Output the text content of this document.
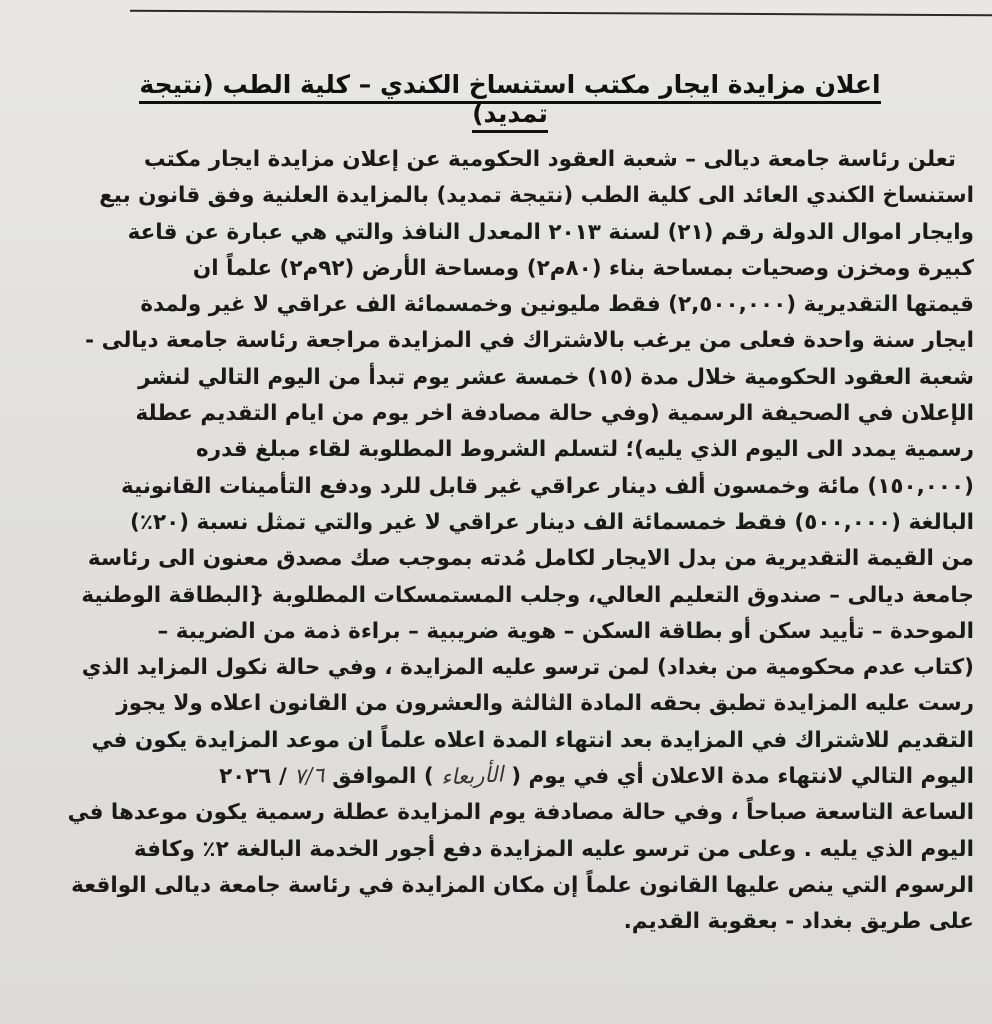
اعلان مزايدة ايجار مكتب استنساخ الكندي – كلية الطب (نتيجة تمديد)
تعلن رئاسة جامعة ديالى – شعبة العقود الحكومية عن إعلان مزايدة ايجار مكتب
استنساخ الكندي العائد الى كلية الطب (نتيجة تمديد) بالمزايدة العلنية وفق قانون بيع
وايجار اموال الدولة رقم (٢١) لسنة ٢٠١٣ المعدل النافذ والتي هي عبارة عن قاعة
كبيرة ومخزن وصحيات بمساحة بناء (٨٠م٢) ومساحة الأرض (٩٢م٢) علماً ان
قيمتها التقديرية (٢,٥٠٠,٠٠٠) فقط مليونين وخمسمائة الف عراقي لا غير ولمدة
ايجار سنة واحدة فعلى من يرغب بالاشتراك في المزايدة مراجعة رئاسة جامعة ديالى -
شعبة العقود الحكومية خلال مدة (١٥) خمسة عشر يوم تبدأ من اليوم التالي لنشر
الإعلان في الصحيفة الرسمية (وفي حالة مصادفة اخر يوم من ايام التقديم عطلة
رسمية يمدد الى اليوم الذي يليه)؛ لتسلم الشروط المطلوبة لقاء مبلغ قدره
(١٥٠,٠٠٠) مائة وخمسون ألف دينار عراقي غير قابل للرد ودفع التأمينات القانونية
البالغة (٥٠٠,٠٠٠) فقط خمسمائة الف دينار عراقي لا غير والتي تمثل نسبة (٢٠٪)
من القيمة التقديرية من بدل الايجار لكامل مُدته بموجب صك مصدق معنون الى رئاسة
جامعة ديالى – صندوق التعليم العالي، وجلب المستمسكات المطلوبة {البطاقة الوطنية
الموحدة – تأييد سكن أو بطاقة السكن – هوية ضريبية – براءة ذمة من الضريبة –
(كتاب عدم محكومية من بغداد) لمن ترسو عليه المزايدة ، وفي حالة نكول المزايد الذي
رست عليه المزايدة تطبق بحقه المادة الثالثة والعشرون من القانون اعلاه ولا يجوز
التقديم للاشتراك في المزايدة بعد انتهاء المدة اعلاه علماً ان موعد المزايدة يكون في
اليوم التالي لانتهاء مدة الاعلان أي في يوم ( الأربعاء ) الموافق ٧/٦ / ٢٠٢٦
الساعة التاسعة صباحاً ، وفي حالة مصادفة يوم المزايدة عطلة رسمية يكون موعدها في
اليوم الذي يليه . وعلى من ترسو عليه المزايدة دفع أجور الخدمة البالغة ٢٪ وكافة
الرسوم التي ينص عليها القانون علماً إن مكان المزايدة في رئاسة جامعة ديالى الواقعة
على طريق بغداد - بعقوبة القديم.
